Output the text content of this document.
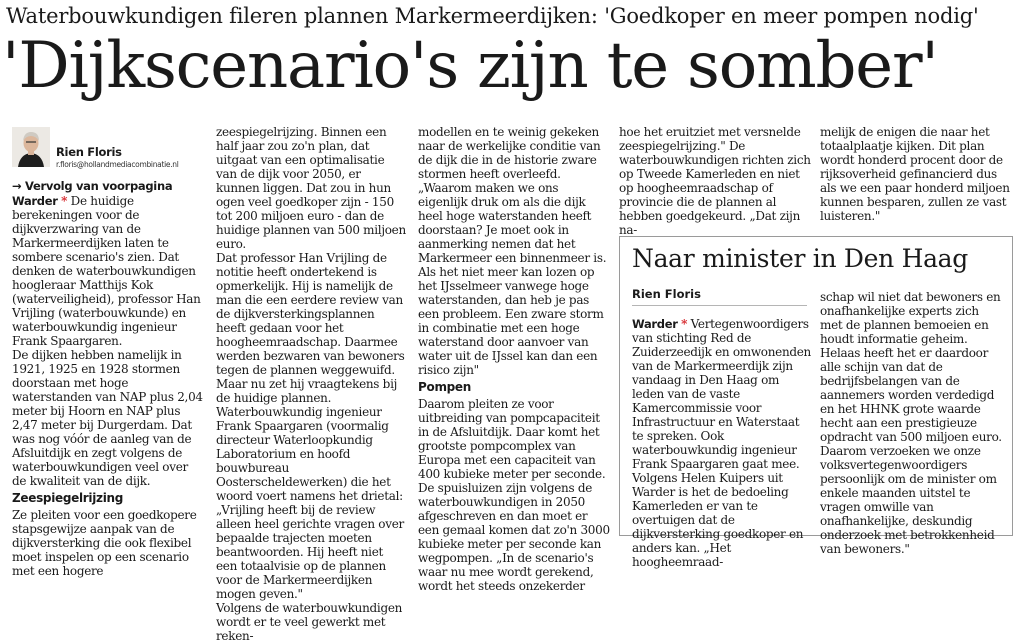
Waterbouwkundigen fileren plannen Markermeerdijken: 'Goedkoper en meer pompen nodig'
'Dijkscenario's zijn te somber'
Rien Floris
r.floris@hollandmediacombinatie.nl
→ Vervolg van voorpagina

Warder * De huidige berekeningen voor de dijkverzwaring van de Markermeerdijken laten te sombere scenario's zien. Dat denken de waterbouwkundigen hoogleraar Matthijs Kok (waterveiligheid), professor Han Vrijling (waterbouwkunde) en waterbouwkundig ingenieur Frank Spaargaren.

De dijken hebben namelijk in 1921, 1925 en 1928 stormen doorstaan met hoge waterstanden van NAP plus 2,04 meter bij Hoorn en NAP plus 2,47 meter bij Durgerdam. Dat was nog vóór de aanleg van de Afsluitdijk en zegt volgens de waterbouwkundigen veel over de kwaliteit van de dijk.

Zeespiegelrijzing

Ze pleiten voor een goedkopere stapsgewijze aanpak van de dijkversterking die ook flexibel moet inspelen op een scenario met een hogere

zeespiegelrijzing. Binnen een half jaar zou zo'n plan, dat uitgaat van een optimalisatie van de dijk voor 2050, er kunnen liggen. Dat zou in hun ogen veel goedkoper zijn - 150 tot 200 miljoen euro - dan de huidige plannen van 500 miljoen euro.

Dat professor Han Vrijling de notitie heeft ondertekend is opmerkelijk. Hij is namelijk de man die een eerdere review van de dijkversterkingsplannen heeft gedaan voor het hoogheemraadschap. Daarmee werden bezwaren van bewoners tegen de plannen weggewuifd.

Maar nu zet hij vraagtekens bij de huidige plannen. Waterbouwkundig ingenieur Frank Spaargaren (voormalig directeur Waterloopkundig Laboratorium en hoofd bouwbureau Oosterscheldewerken) die het woord voert namens het drietal: „Vrijling heeft bij de review alleen heel gerichte vragen over bepaalde trajecten moeten beantwoorden. Hij heeft niet een totaalvisie op de plannen voor de Markermeerdijken mogen geven."

Volgens de waterbouwkundigen wordt er te veel gewerkt met reken-

modellen en te weinig gekeken naar de werkelijke conditie van de dijk die in de historie zware stormen heeft overleefd. „Waarom maken we ons eigenlijk druk om als die dijk heel hoge waterstanden heeft doorstaan? Je moet ook in aanmerking nemen dat het Markermeer een binnenmeer is. Als het niet meer kan lozen op het IJsselmeer vanwege hoge waterstanden, dan heb je pas een probleem. Een zware storm in combinatie met een hoge waterstand door aanvoer van water uit de IJssel kan dan een risico zijn"

Pompen

Daarom pleiten ze voor uitbreiding van pompcapaciteit in de Afsluitdijk. Daar komt het grootste pompcomplex van Europa met een capaciteit van 400 kubieke meter per seconde.

De spuisluizen zijn volgens de waterbouwkundigen in 2050 afgeschreven en dan moet er een gemaal komen dat zo'n 3000 kubieke meter per seconde kan wegpompen. „In de scenario's waar nu mee wordt gerekend, wordt het steeds onzekerder

hoe het eruitziet met versnelde zeespiegelrijzing." De waterbouwkundigen richten zich op Tweede Kamerleden en niet op hoogheemraadschap of provincie die de plannen al hebben goedgekeurd. „Dat zijn na-

melijk de enigen die naar het totaalplaatje kijken. Dit plan wordt honderd procent door de rijksoverheid gefinancierd dus als we een paar honderd miljoen kunnen besparen, zullen ze vast luisteren."

Naar minister in Den Haag
Rien Floris

Warder * Vertegenwoordigers van stichting Red de Zuiderzeedijk en omwonenden van de Markermeerdijk zijn vandaag in Den Haag om leden van de vaste Kamercommissie voor Infrastructuur en Waterstaat te spreken. Ook waterbouwkundig ingenieur Frank Spaargaren gaat mee.

Volgens Helen Kuipers uit Warder is het de bedoeling Kamerleden er van te overtuigen dat de dijkversterking goedkoper en anders kan. „Het hoogheemraad-

schap wil niet dat bewoners en onafhankelijke experts zich met de plannen bemoeien en houdt informatie geheim. Helaas heeft het er daardoor alle schijn van dat de bedrijfsbelangen van de aannemers worden verdedigd en het HHNK grote waarde hecht aan een prestigieuze opdracht van 500 miljoen euro. Daarom verzoeken we onze volksvertegenwoordigers persoonlijk om de minister om enkele maanden uitstel te vragen omwille van onafhankelijke, deskundig onderzoek met betrokkenheid van bewoners."
